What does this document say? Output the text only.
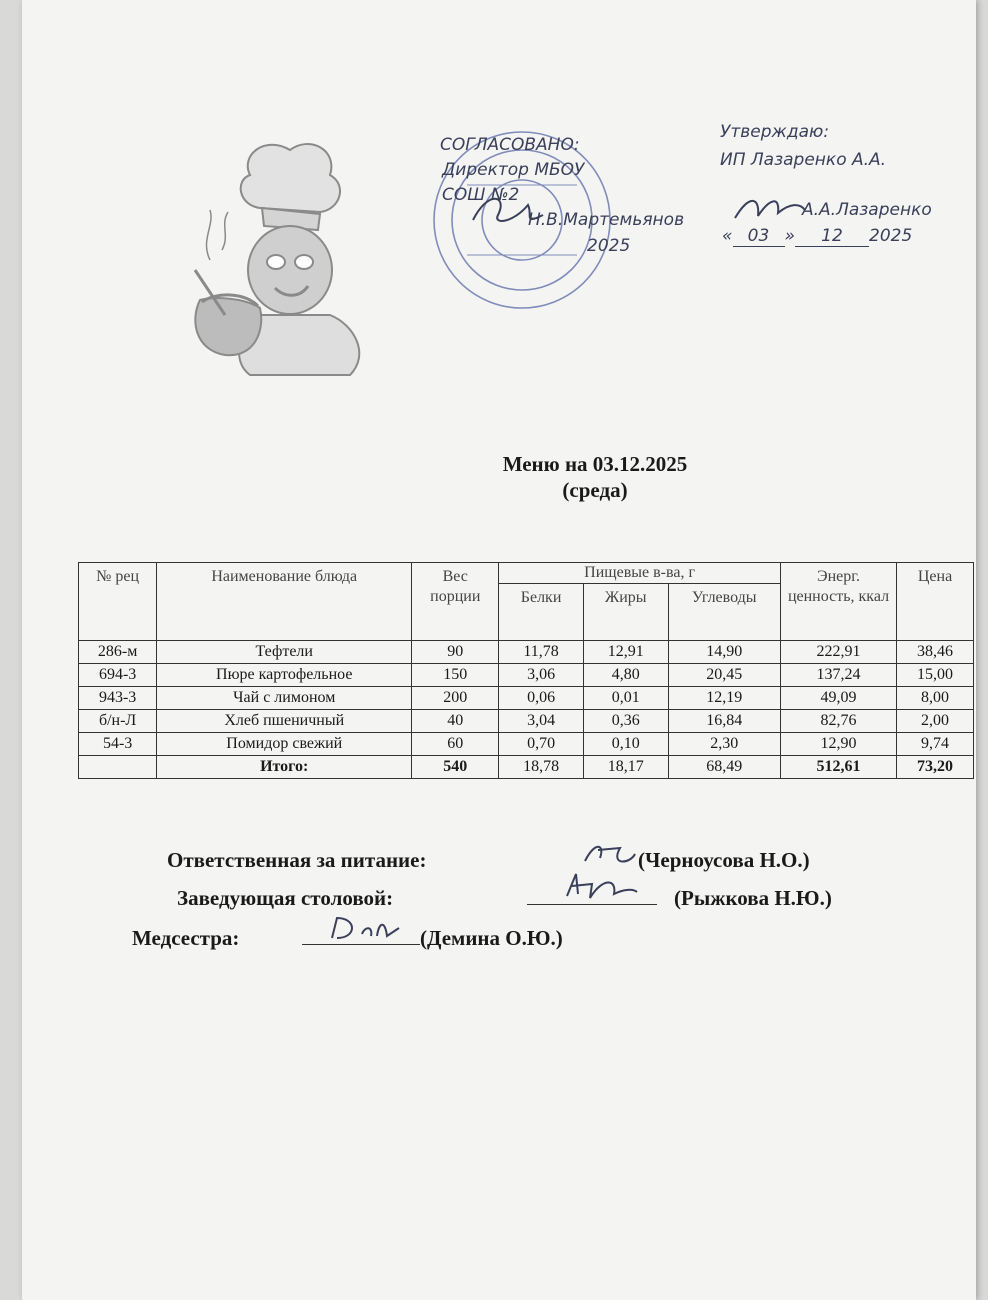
СОГЛАСОВАНО:
Директор МБОУ
СОШ №2
Н.В.Мартемьянов
2025
Утверждаю:
ИП Лазаренко А.А.
А.А.Лазаренко
« 03 » 12 2025
Меню на 03.12.2025
(среда)
№ рец	Наименование блюда	Вес порции	Пищевые в-ва, г			Энерг. ценность, ккал	Цена
			Белки	Жиры	Углеводы		
286-м	Тефтели	90	11,78	12,91	14,90	222,91	38,46
694-3	Пюре картофельное	150	3,06	4,80	20,45	137,24	15,00
943-3	Чай с лимоном	200	0,06	0,01	12,19	49,09	8,00
б/н-Л	Хлеб пшеничный	40	3,04	0,36	16,84	82,76	2,00
54-3	Помидор свежий	60	0,70	0,10	2,30	12,90	9,74
	Итого:	540	18,78	18,17	68,49	512,61	73,20
Ответственная за питание:	(Черноусова Н.О.)
Заведующая столовой:	(Рыжкова Н.Ю.)
Медсестра:	(Демина О.Ю.)
